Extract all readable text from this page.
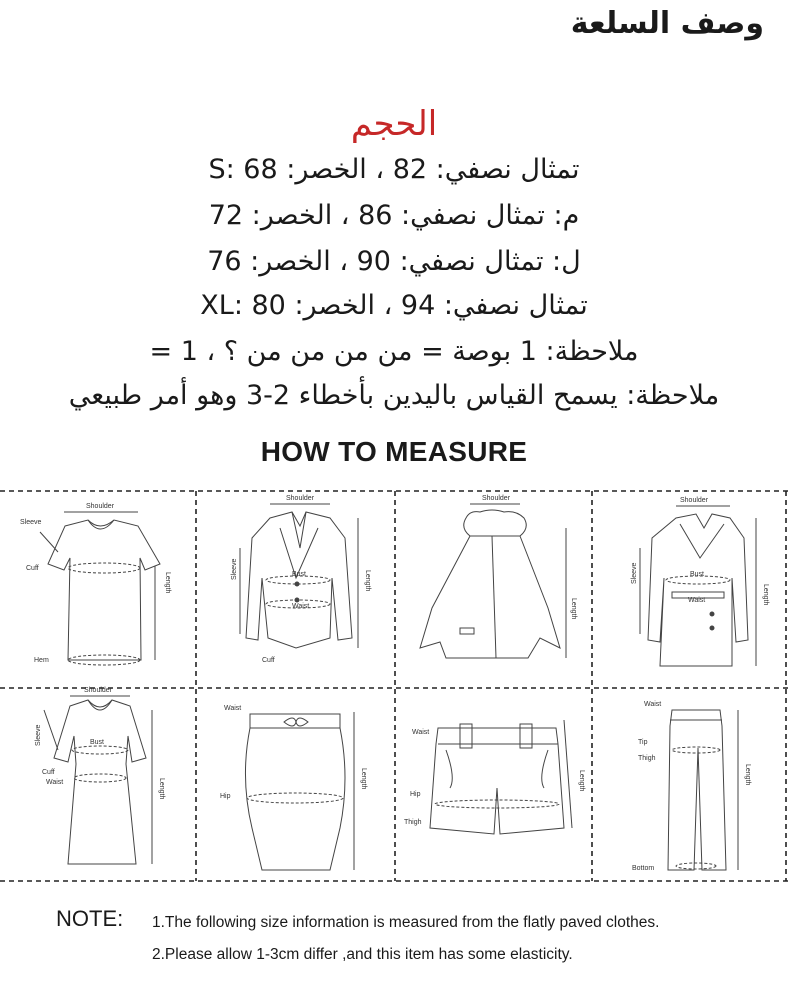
وصف السلعة
الحجم
تمثال نصفي: 82 ، الخصر: 68 :S
م: تمثال نصفي: 86 ، الخصر: 72
ل: تمثال نصفي: 90 ، الخصر: 76
تمثال نصفي: 94 ، الخصر: 80 :XL
ملاحظة: 1 بوصة = من من من من ؟ ، 1 =
ملاحظة: يسمح القياس باليدين بأخطاء 2-3 وهو أمر طبيعي
HOW TO MEASURE
Shoulder
Sleeve
Cuff
Hem
Length
Shoulder
Bust
Waist
Cuff
Sleeve
Length
Shoulder
Length
Shoulder
Bust
Waist
Sleeve
Length
Shoulder
Bust
Cuff
Waist
Sleeve
Length
Waist
Hip
Length
Waist
Hip
Thigh
Length
Waist
Tip
Thigh
Bottom
Length
NOTE: 1.The following size information is measured from the flatly paved clothes.
2.Please allow 1-3cm differ ,and this item has some elasticity.
